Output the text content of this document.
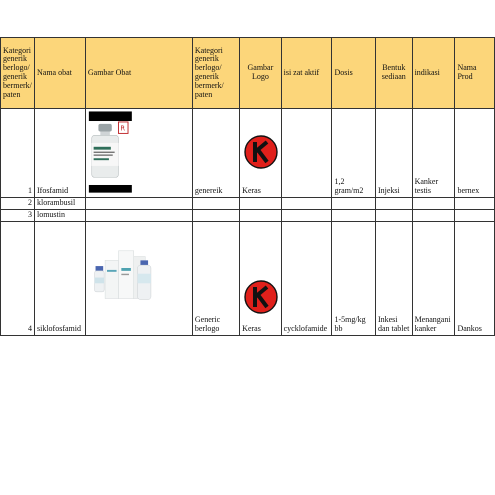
Kategori generik berlogo/ generik bermerk/ paten	Nama obat	Gambar Obat	Kategori generik berlogo/ generik bermerk/ paten	Gambar Logo	isi zat aktif	Dosis	Bentuk sediaan	indikasi	Nama Prod
1	Ifosfamid	R	genereik	Keras		1,2 gram/m2	Injeksi	Kanker testis	bernex
2	klorambusil								
3	lomustin								
4	siklofosfamid		Generic berlogo	Keras	cycklofamide	1-5mg/kg bb	Inkesi dan tablet	Menangani kanker	Dankos
